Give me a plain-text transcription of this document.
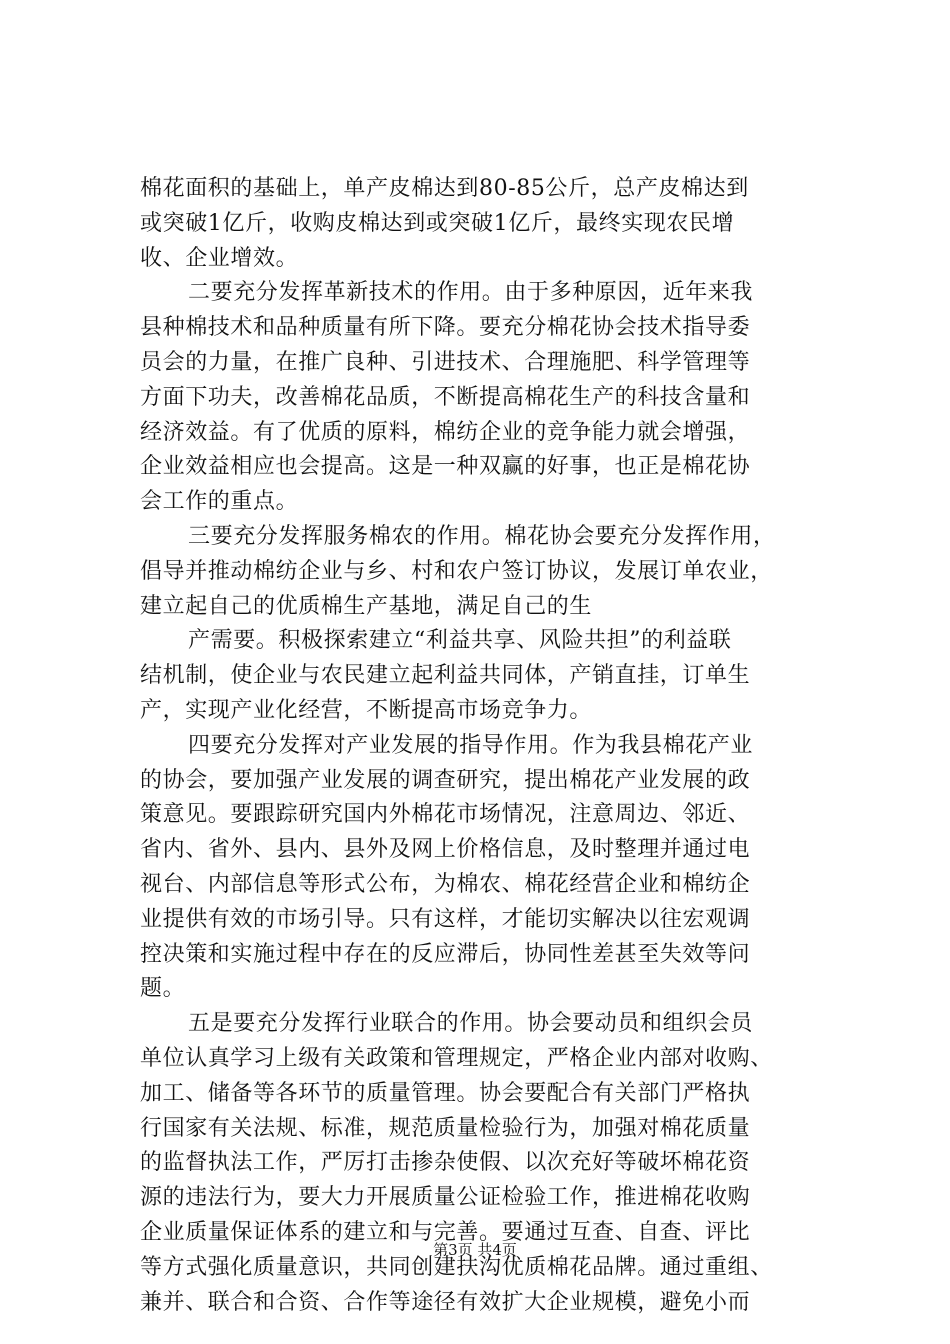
棉花面积的基础上，单产皮棉达到80-85公斤，总产皮棉达到
或突破1亿斤，收购皮棉达到或突破1亿斤，最终实现农民增
收、企业增效。
二要充分发挥革新技术的作用。由于多种原因，近年来我
县种棉技术和品种质量有所下降。要充分棉花协会技术指导委
员会的力量，在推广良种、引进技术、合理施肥、科学管理等
方面下功夫，改善棉花品质，不断提高棉花生产的科技含量和
经济效益。有了优质的原料，棉纺企业的竞争能力就会增强，
企业效益相应也会提高。这是一种双赢的好事，也正是棉花协
会工作的重点。
三要充分发挥服务棉农的作用。棉花协会要充分发挥作用，
倡导并推动棉纺企业与乡、村和农户签订协议，发展订单农业，
建立起自己的优质棉生产基地，满足自己的生
产需要。积极探索建立“利益共享、风险共担”的利益联
结机制，使企业与农民建立起利益共同体，产销直挂，订单生
产，实现产业化经营，不断提高市场竞争力。
四要充分发挥对产业发展的指导作用。作为我县棉花产业
的协会，要加强产业发展的调查研究，提出棉花产业发展的政
策意见。要跟踪研究国内外棉花市场情况，注意周边、邻近、
省内、省外、县内、县外及网上价格信息，及时整理并通过电
视台、内部信息等形式公布，为棉农、棉花经营企业和棉纺企
业提供有效的市场引导。只有这样，才能切实解决以往宏观调
控决策和实施过程中存在的反应滞后，协同性差甚至失效等问
题。
五是要充分发挥行业联合的作用。协会要动员和组织会员
单位认真学习上级有关政策和管理规定，严格企业内部对收购、
加工、储备等各环节的质量管理。协会要配合有关部门严格执
行国家有关法规、标准，规范质量检验行为，加强对棉花质量
的监督执法工作，严厉打击掺杂使假、以次充好等破坏棉花资
源的违法行为，要大力开展质量公证检验工作，推进棉花收购
企业质量保证体系的建立和与完善。要通过互查、自查、评比
等方式强化质量意识，共同创建扶沟优质棉花品牌。通过重组、
兼并、联合和合资、合作等途径有效扩大企业规模，避免小而
第3页 共4页
